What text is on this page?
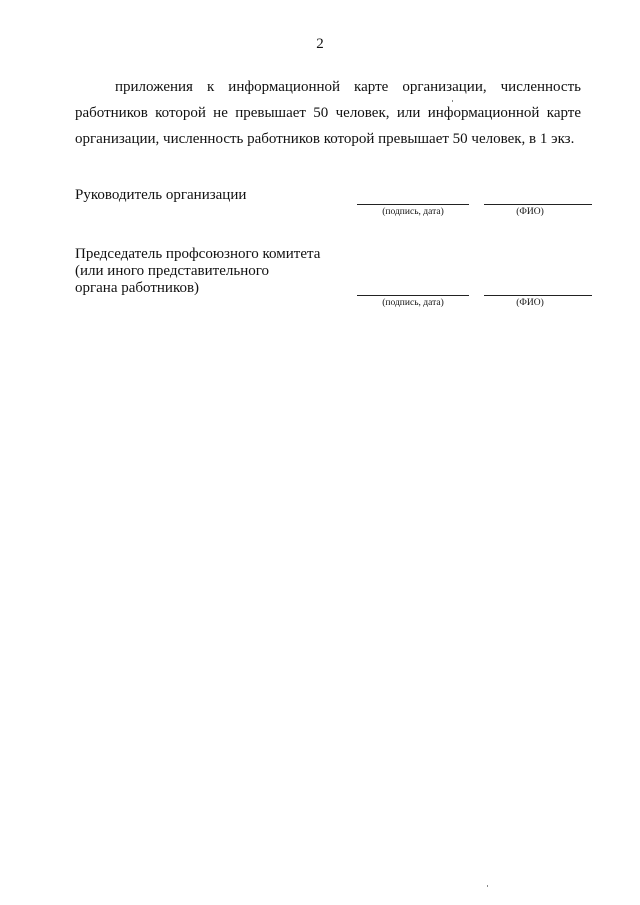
2
приложения к информационной карте организации, численность
работников которой не превышает 50 человек, или информационной карте
организации, численность работников которой превышает 50 человек, в 1 экз.
Руководитель организации
(подпись, дата)	(ФИО)
Председатель профсоюзного комитета
(или иного представительного
органа работников)
(подпись, дата)	(ФИО)
